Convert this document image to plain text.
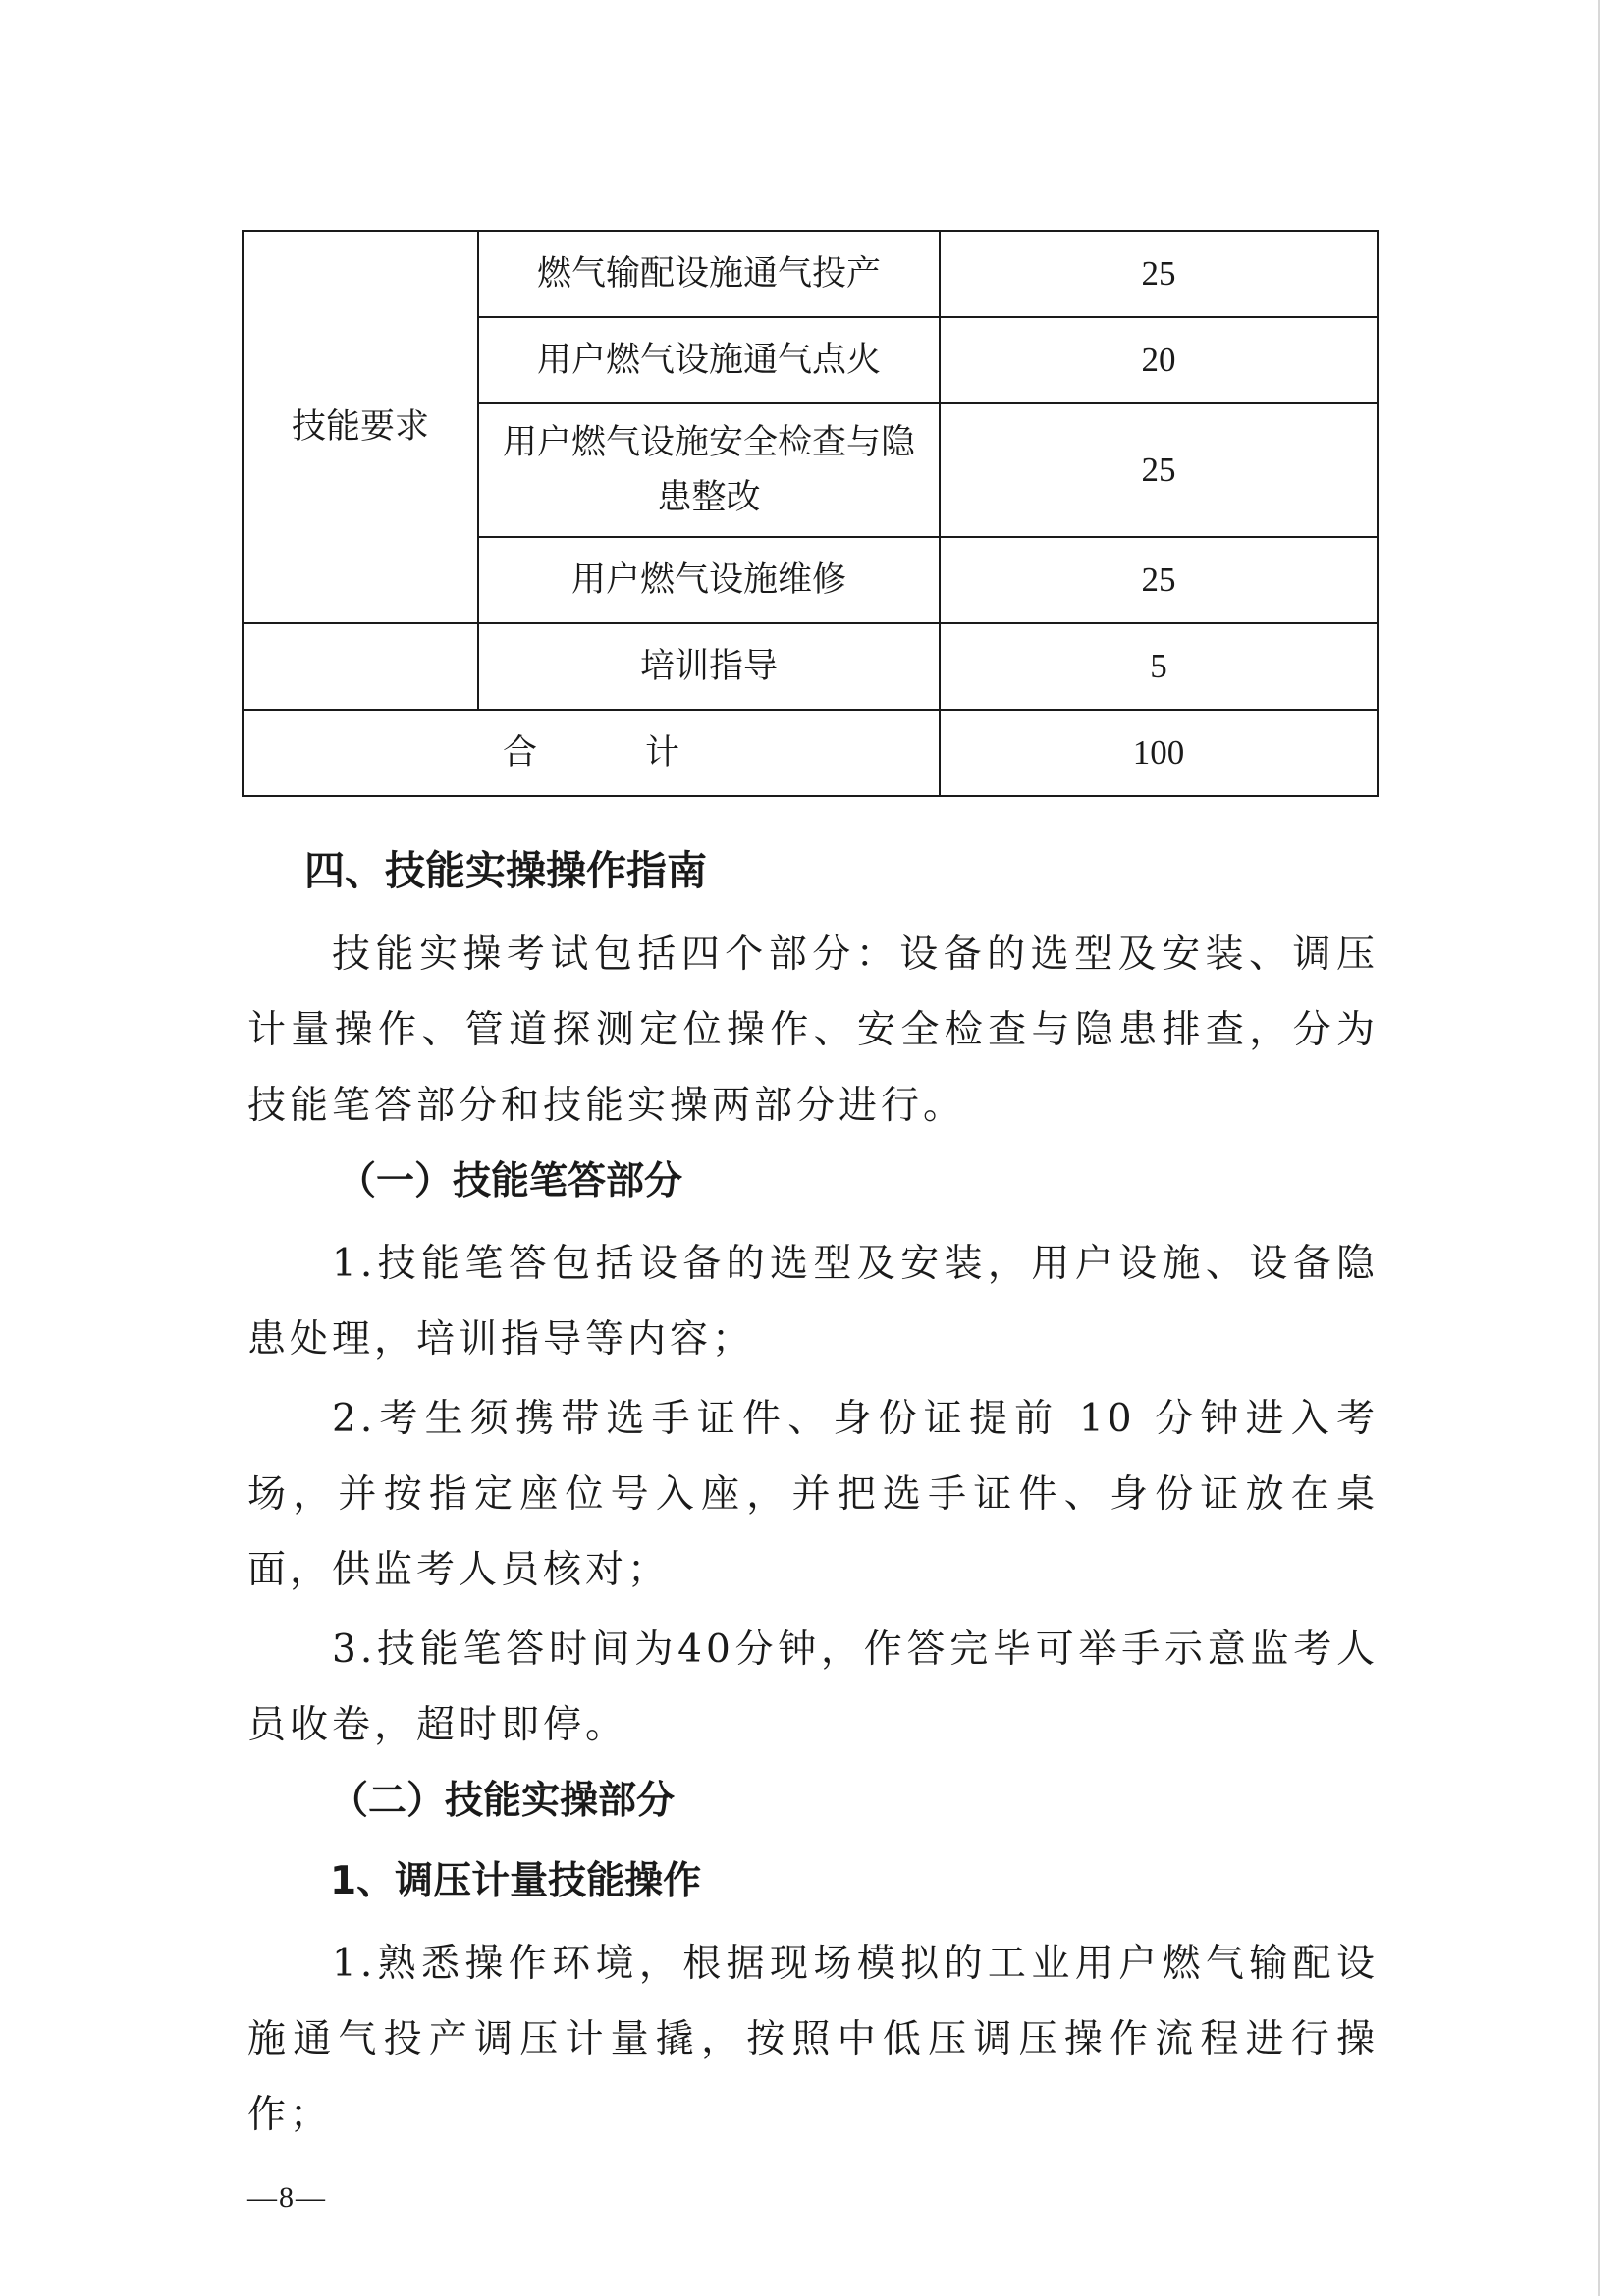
技能要求	燃气输配设施通气投产	25
	用户燃气设施通气点火	20
	用户燃气设施安全检查与隐患整改	25
	用户燃气设施维修	25
	培训指导	5
合 计		100
四、技能实操操作指南

技能实操考试包括四个部分：设备的选型及安装、调压计量操作、管道探测定位操作、安全检查与隐患排查，分为技能笔答部分和技能实操两部分进行。

（一）技能笔答部分

1.技能笔答包括设备的选型及安装，用户设施、设备隐患处理，培训指导等内容；

2.考生须携带选手证件、身份证提前 10 分钟进入考场，并按指定座位号入座，并把选手证件、身份证放在桌面，供监考人员核对；

3.技能笔答时间为40分钟，作答完毕可举手示意监考人员收卷，超时即停。

（二）技能实操部分
1、调压计量技能操作

1.熟悉操作环境，根据现场模拟的工业用户燃气输配设施通气投产调压计量撬，按照中低压调压操作流程进行操作；

—8—
